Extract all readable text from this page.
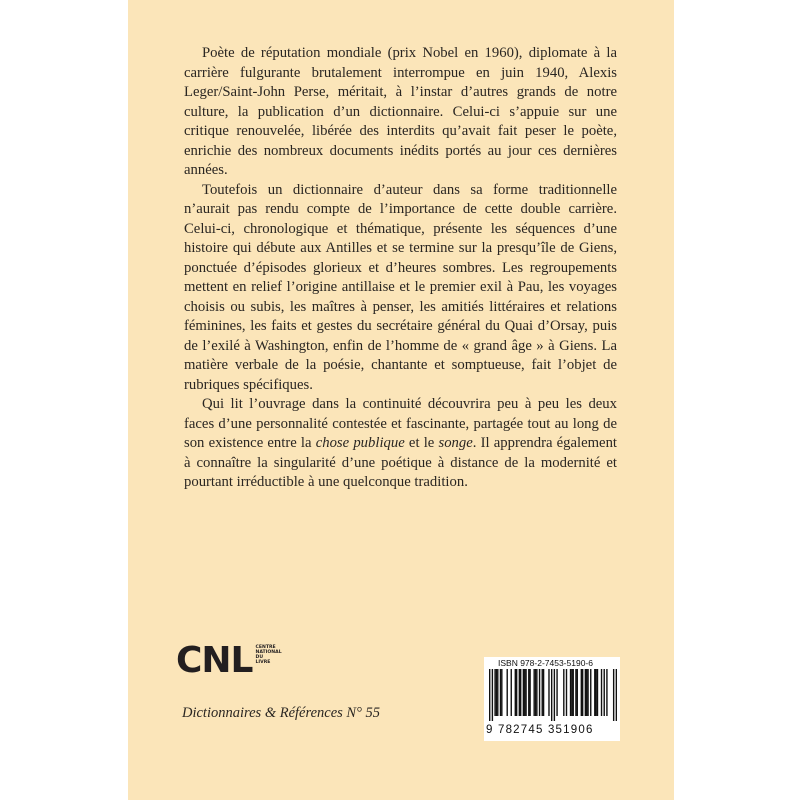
Poète de réputation mondiale (prix Nobel en 1960), diplomate à la carrière fulgurante brutalement interrompue en juin 1940, Alexis Leger/Saint-John Perse, méritait, à l’instar d’autres grands de notre culture, la publication d’un dictionnaire. Celui-ci s’appuie sur une critique renouvelée, libérée des interdits qu’avait fait peser le poète, enrichie des nombreux documents inédits portés au jour ces dernières années.

Toutefois un dictionnaire d’auteur dans sa forme traditionnelle n’aurait pas rendu compte de l’importance de cette double carrière. Celui-ci, chronologique et thématique, présente les séquences d’une histoire qui débute aux Antilles et se termine sur la presqu’île de Giens, ponctuée d’épisodes glorieux et d’heures sombres. Les regroupements mettent en relief l’origine antillaise et le premier exil à Pau, les voyages choisis ou subis, les maîtres à penser, les amitiés littéraires et relations féminines, les faits et gestes du secrétaire général du Quai d’Orsay, puis de l’exilé à Washington, enfin de l’homme de « grand âge » à Giens. La matière verbale de la poésie, chantante et somptueuse, fait l’objet de rubriques spécifiques.

Qui lit l’ouvrage dans la continuité découvrira peu à peu les deux faces d’une personnalité contestée et fascinante, partagée tout au long de son existence entre la chose publique et le songe. Il apprendra également à connaître la singularité d’une poétique à distance de la modernité et pourtant irréductible à une quelconque tradition.

CNL CENTRE
NATIONAL
DU LIVRE
Dictionnaires & Références N° 55
ISBN 978-2-7453-5190-6
9 782745 351906
